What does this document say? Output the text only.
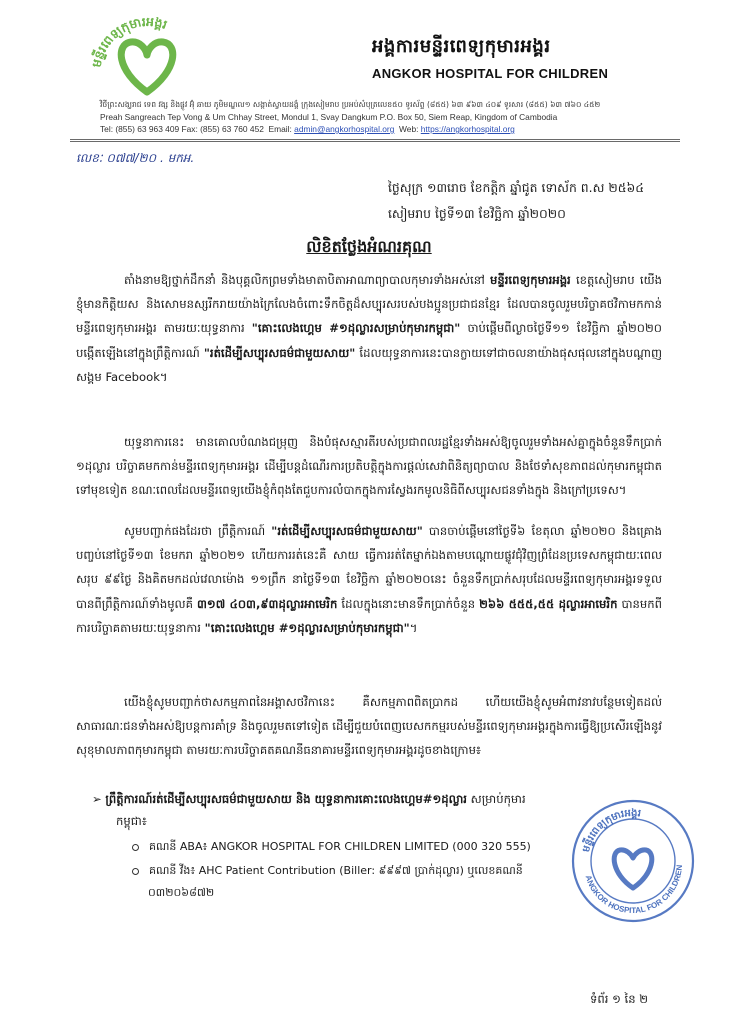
មន្ទីរពេទ្យកុមារអង្គរ
អង្គការមន្ទីរពេទ្យកុមារអង្គរ
ANGKOR HOSPITAL FOR CHILDREN
វិថីព្រះសង្ឃរាជ ទេព វង្ស និងផ្លូវ អ៊ុំ ឆាយ ភូមិមណ្ឌល១ សង្កាត់ស្វាយដង្គំ ក្រុងសៀមរាប ប្រអប់សំបុត្រលេខ៥០ ទូរស័ព្ទ (៨៥៥) ៦៣ ៩៦៣ ៤០៩ ទូរសារ (៨៥៥) ៦៣ ៧៦០ ៤៥២
Preah Sangreach Tep Vong & Um Chhay Street, Mondul 1, Svay Dangkum P.O. Box 50, Siem Reap, Kingdom of Cambodia
Tel: (855) 63 963 409 Fax: (855) 63 760 452 Email: admin@angkorhospital.org Web: https://angkorhospital.org
លេខៈ ០៧៧/២០ . មកអ.
ថ្ងៃសុក្រ ១៣រោច ខែកត្តិក ឆ្នាំជូត ទោស័ក ព.ស ២៥៦៤
សៀមរាប ថ្ងៃទី១៣ ខែវិច្ឆិកា ឆ្នាំ២០២០
លិខិតថ្លែងអំណរគុណ
តាំងនាមឱ្យថ្នាក់ដឹកនាំ និងបុគ្គលិកព្រមទាំងមាតាបិតាអាណាព្យាបាលកុមារទាំងអស់នៅ មន្ទីរពេទ្យកុមារអង្គរ ខេត្តសៀមរាប យើងខ្ញុំមានកិត្តិយស និងសោមនស្សរីករាយយ៉ាងក្រៃលែងចំពោះទឹកចិត្តដ៏សប្បុរសរបស់បងប្អូនប្រជាជនខ្មែរ ដែលបានចូលរួមបរិច្ចាគថវិកាមកកាន់មន្ទីរពេទ្យកុមារអង្គរ តាមរយៈយុទ្ធនាការ "គោះលេងហ្គេម #១ដុល្លារសម្រាប់កុមារកម្ពុជា" ចាប់ផ្តើមពីល្ងាចថ្ងៃទី១១ ខែវិច្ឆិកា ឆ្នាំ២០២០ បង្កើតឡើងនៅក្នុងព្រឹត្តិការណ៍ "រត់ដើម្បីសប្បុរសធម៌ជាមួយសាយ" ដែលយុទ្ធនាការនេះបានក្លាយទៅជាចលនាយ៉ាងផុសផុលនៅក្នុងបណ្តាញសង្គម Facebook។
យុទ្ធនាការនេះ មានគោលបំណងជម្រុញ និងបំផុសស្មារតីរបស់ប្រជាពលរដ្ឋខ្មែរទាំងអស់ឱ្យចូលរួមទាំងអស់គ្នាក្នុងចំនួនទឹកប្រាក់ ១ដុល្លារ បរិច្ចាគមកកាន់មន្ទីរពេទ្យកុមារអង្គរ ដើម្បីបន្តដំណើរការប្រតិបត្តិក្នុងការផ្តល់សេវាពិនិត្យព្យាបាល និងថែទាំសុខភាពដល់កុមារកម្ពុជាតទៅមុខទៀត ខណៈពេលដែលមន្ទីរពេទ្យយើងខ្ញុំកំពុងតែជួបការលំបាកក្នុងការស្វែងរកមូលនិធិពីសប្បុរសជនទាំងក្នុង និងក្រៅប្រទេស។
សូមបញ្ជាក់ផងដែរថា ព្រឹត្តិការណ៍ "រត់ដើម្បីសប្បុរសធម៌ជាមួយសាយ" បានចាប់ផ្តើមនៅថ្ងៃទី៦ ខែតុលា ឆ្នាំ២០២០ និងគ្រោងបញ្ចប់នៅថ្ងៃទី១៣ ខែមករា ឆ្នាំ២០២១ ហើយការរត់នេះគឺ សាយ ធ្វើការរត់តែម្នាក់ឯងតាមបណ្តោយផ្លូវជុំវិញព្រំដែនប្រទេសកម្ពុជាយៈពេលសរុប ៩៩ថ្ងៃ និងគិតមកដល់វេលាម៉ោង ១១ព្រឹក នាថ្ងៃទី១៣ ខែវិច្ឆិកា ឆ្នាំ២០២០នេះ ចំនួនទឹកប្រាក់សរុបដែលមន្ទីរពេទ្យកុមារអង្គរទទួលបានពីព្រឹត្តិការណ៍ទាំងមូលគឺ ៣១៧ ៤០៣,៩៣ដុល្លារអាមេរិក ដែលក្នុងនោះមានទឹកប្រាក់ចំនួន ២៦៦ ៥៥៥,៥៥ ដុល្លារអាមេរិក បានមកពីការបរិច្ចាគតាមរយៈយុទ្ធនាការ "គោះលេងហ្គេម #១ដុល្លារសម្រាប់កុមារកម្ពុជា"។
យើងខ្ញុំសូមបញ្ជាក់ថាសកម្មភាពនៃអង្គាសថវិកានេះ គឺសកម្មភាពពិតប្រាកដ ហើយយើងខ្ញុំសូមអំពាវនាវបន្ថែមទៀតដល់សាធារណៈជនទាំងអស់ឱ្យបន្តការគាំទ្រ និងចូលរួមតទៅទៀត ដើម្បីជួយបំពេញបេសកកម្មរបស់មន្ទីរពេទ្យកុមារអង្គរក្នុងការធ្វើឱ្យប្រសើរឡើងនូវសុខុមាលភាពកុមារកម្ពុជា តាមរយៈការបរិច្ចាគតគណនីធនាគារមន្ទីរពេទ្យកុមារអង្គរដូចខាងក្រោម៖
➢ ព្រឹត្តិការណ៍រត់ដើម្បីសប្បុរសធម៌ជាមួយសាយ និង យុទ្ធនាការគោះលេងហ្គេម#១ដុល្លារ សម្រាប់កុមារ
កម្ពុជា៖
គណនី ABA៖ ANGKOR HOSPITAL FOR CHILDREN LIMITED (000 320 555)
គណនី វីង៖ AHC Patient Contribution (Biller: ៩៩៩៧ ប្រាក់ដុល្លារ) ឬលេខគណនី
០៣២០៦៨៧២
មន្ទីរពេទ្យកុមារអង្គរ
ANGKOR HOSPITAL FOR CHILDREN
ទំព័រ ១ នៃ ២
